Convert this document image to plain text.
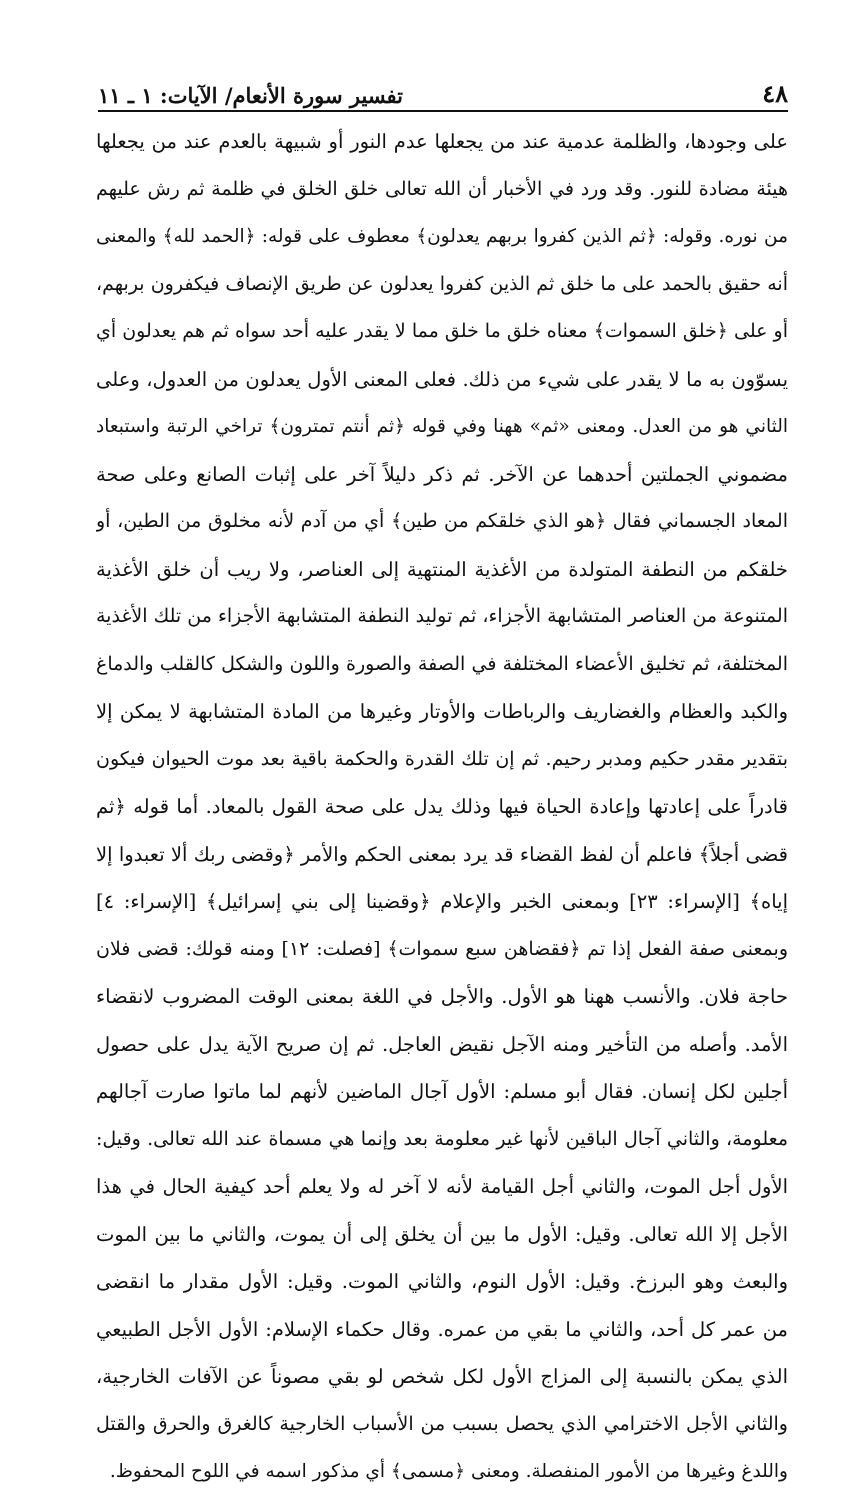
٤٨
تفسير سورة الأنعام/ الآيات: ١ ـ ١١
على وجودها، والظلمة عدمية عند من يجعلها عدم النور أو شبيهة بالعدم عند من يجعلها
هيئة مضادة للنور. وقد ورد في الأخبار أن الله تعالى خلق الخلق في ظلمة ثم رش عليهم
من نوره. وقوله: ﴿ثم الذين كفروا بربهم يعدلون﴾ معطوف على قوله: ﴿الحمد لله﴾ والمعنى
أنه حقيق بالحمد على ما خلق ثم الذين كفروا يعدلون عن طريق الإنصاف فيكفرون بربهم،
أو على ﴿خلق السموات﴾ معناه خلق ما خلق مما لا يقدر عليه أحد سواه ثم هم يعدلون أي
يسوّون به ما لا يقدر على شيء من ذلك. فعلى المعنى الأول يعدلون من العدول، وعلى
الثاني هو من العدل. ومعنى «ثم» ههنا وفي قوله ﴿ثم أنتم تمترون﴾ تراخي الرتبة واستبعاد
مضموني الجملتين أحدهما عن الآخر. ثم ذكر دليلاً آخر على إثبات الصانع وعلى صحة
المعاد الجسماني فقال ﴿هو الذي خلقكم من طين﴾ أي من آدم لأنه مخلوق من الطين، أو
خلقكم من النطفة المتولدة من الأغذية المنتهية إلى العناصر، ولا ريب أن خلق الأغذية
المتنوعة من العناصر المتشابهة الأجزاء، ثم توليد النطفة المتشابهة الأجزاء من تلك الأغذية
المختلفة، ثم تخليق الأعضاء المختلفة في الصفة والصورة واللون والشكل كالقلب والدماغ
والكبد والعظام والغضاريف والرباطات والأوتار وغيرها من المادة المتشابهة لا يمكن إلا
بتقدير مقدر حكيم ومدبر رحيم. ثم إن تلك القدرة والحكمة باقية بعد موت الحيوان فيكون
قادراً على إعادتها وإعادة الحياة فيها وذلك يدل على صحة القول بالمعاد. أما قوله ﴿ثم
قضى أجلاً﴾ فاعلم أن لفظ القضاء قد يرد بمعنى الحكم والأمر ﴿وقضى ربك ألا تعبدوا إلا
إياه﴾ [الإسراء: ٢٣] وبمعنى الخبر والإعلام ﴿وقضينا إلى بني إسرائيل﴾ [الإسراء: ٤]
وبمعنى صفة الفعل إذا تم ﴿فقضاهن سبع سموات﴾ [فصلت: ١٢] ومنه قولك: قضى فلان
حاجة فلان. والأنسب ههنا هو الأول. والأجل في اللغة بمعنى الوقت المضروب لانقضاء
الأمد. وأصله من التأخير ومنه الآجل نقيض العاجل. ثم إن صريح الآية يدل على حصول
أجلين لكل إنسان. فقال أبو مسلم: الأول آجال الماضين لأنهم لما ماتوا صارت آجالهم
معلومة، والثاني آجال الباقين لأنها غير معلومة بعد وإنما هي مسماة عند الله تعالى. وقيل:
الأول أجل الموت، والثاني أجل القيامة لأنه لا آخر له ولا يعلم أحد كيفية الحال في هذا
الأجل إلا الله تعالى. وقيل: الأول ما بين أن يخلق إلى أن يموت، والثاني ما بين الموت
والبعث وهو البرزخ. وقيل: الأول النوم، والثاني الموت. وقيل: الأول مقدار ما انقضى
من عمر كل أحد، والثاني ما بقي من عمره. وقال حكماء الإسلام: الأول الأجل الطبيعي
الذي يمكن بالنسبة إلى المزاج الأول لكل شخص لو بقي مصوناً عن الآفات الخارجية،
والثاني الأجل الاخترامي الذي يحصل بسبب من الأسباب الخارجية كالغرق والحرق والقتل
واللدغ وغيرها من الأمور المنفصلة. ومعنى ﴿مسمى﴾ أي مذكور اسمه في اللوح المحفوظ.
